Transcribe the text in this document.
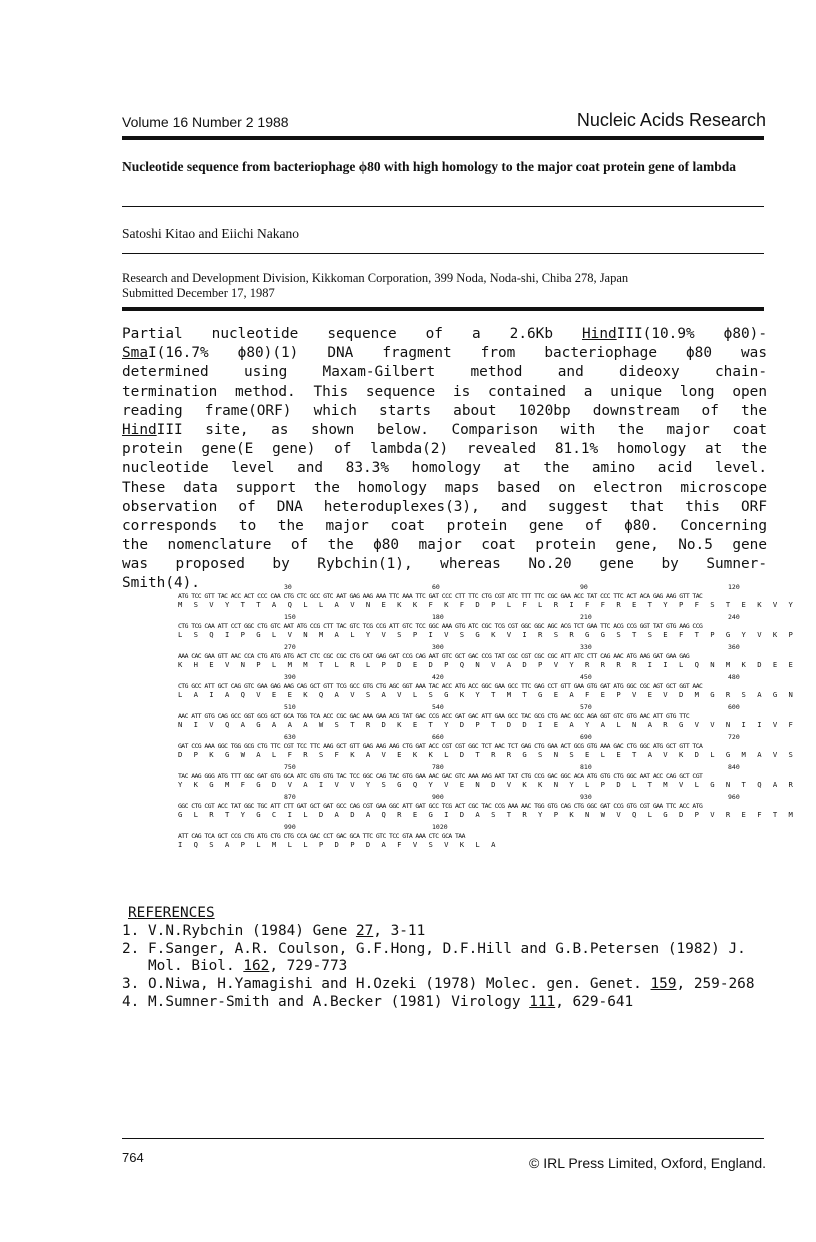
Volume 16 Number 2 1988	Nucleic Acids Research
Nucleotide sequence from bacteriophage ϕ80 with high homology to the major coat protein gene of lambda
Satoshi Kitao and Eiichi Nakano
Research and Development Division, Kikkoman Corporation, 399 Noda, Noda-shi, Chiba 278, Japan
Submitted December 17, 1987
Partial nucleotide sequence of a 2.6Kb HindIII(10.9% ϕ80)-
SmaI(16.7% ϕ80)(1) DNA fragment from bacteriophage ϕ80 was
determined using Maxam-Gilbert method and dideoxy chain-
termination method. This sequence is contained a unique long open
reading frame(ORF) which starts about 1020bp downstream of the
HindIII site, as shown below. Comparison with the major coat
protein gene(E gene) of lambda(2) revealed 81.1% homology at the
nucleotide level and 83.3% homology at the amino acid level.
These data support the homology maps based on electron microscope
observation of DNA heteroduplexes(3), and suggest that this ORF
corresponds to the major coat protein gene of ϕ80. Concerning
the nomenclature of the ϕ80 major coat protein gene, No.5 gene
was proposed by Rybchin(1), whereas No.20 gene by Sumner-
Smith(4).	30	60	90	120
ATG TCC GTT TAC ACC ACT CCC CAA CTG CTC GCC GTC AAT GAG AAG AAA TTC AAA TTC GAT CCC CTT TTC CTG CGT ATC TTT TTC CGC GAA ACC TAT CCC TTC ACT ACA GAG AAG GTT TAC
M S V Y T T A Q L L A V N E K K F K F D P L F L R I F F R E T Y P F S T E K V Y
150	180	210	240
CTG TCG CAA ATT CCT GGC CTG GTC AAT ATG CCG CTT TAC GTC TCG CCG ATT GTC TCC GGC AAA GTG ATC CGC TCG CGT GGC GGC AGC ACG TCT GAA TTC ACG CCG GGT TAT GTG AAG CCG
L S Q I P G L V N M A L Y V S P I V S G K V I R S R G G S T S E F T P G Y V K P
270	300	330	360
AAA CAC GAA GTT AAC CCA CTG ATG ATG ACT CTC CGC CGC CTG CAT GAG GAT CCG CAG AAT GTC GCT GAC CCG TAT CGC CGT CGC CGC ATT ATC CTT CAG AAC ATG AAG GAT GAA GAG
K H E V N P L M M T L R L P D E D P Q N V A D P V Y R R R R I I L Q N M K D E E
390	420	450	480
CTG GCC ATT GCT CAG GTC GAA GAG AAG CAG GCT GTT TCG GCC GTG CTG AGC GGT AAA TAC ACC ATG ACC GGC GAA GCC TTC GAG CCT GTT GAA GTG GAT ATG GGC CGC AGT GCT GGT AAC
L A I A Q V E E K Q A V S A V L S G K Y T M T G E A F E P V E V D M G R S A G N
510	540	570	600
AAC ATT GTG CAG GCC GGT GCG GCT GCA TGG TCA ACC CGC GAC AAA GAA ACG TAT GAC CCG ACC GAT GAC ATT GAA GCC TAC GCG CTG AAC GCC AGA GGT GTC GTG AAC ATT GTG TTC
N I V Q A G A A A W S T R D K E T Y D P T D D I E A Y A L N A R G V V N I I V F
630	660	690	720
GAT CCG AAA GGC TGG GCG CTG TTC CGT TCC TTC AAG GCT GTT GAG AAG AAG CTG GAT ACC CGT CGT GGC TCT AAC TCT GAG CTG GAA ACT GCG GTG AAA GAC CTG GGC ATG GCT GTT TCA
D P K G W A L F R S F K A V E K K L D T R R G S N S E L E T A V K D L G M A V S
750	780	810	840
TAC AAG GGG ATG TTT GGC GAT GTG GCA ATC GTG GTG TAC TCC GGC CAG TAC GTG GAA AAC GAC GTC AAA AAG AAT TAT CTG CCG GAC GGC ACA ATG GTG CTG GGC AAT ACC CAG GCT CGT
Y K G M F G D V A I V V Y S G Q Y V E N D V K K N Y L P D L T M V L G N T Q A R
870	900	930	960
GGC CTG CGT ACC TAT GGC TGC ATT CTT GAT GCT GAT GCC CAG CGT GAA GGC ATT GAT GCC TCG ACT CGC TAC CCG AAA AAC TGG GTG CAG CTG GGC GAT CCG GTG CGT GAA TTC ACC ATG
G L R T Y G C I L D A D A Q R E G I D A S T R Y P K N W V Q L G D P V R E F T M
990	1020
ATT CAG TCA GCT CCG CTG ATG CTG CTG CCA GAC CCT GAC GCA TTC GTC TCC GTA AAA CTC GCA TAA
I Q S A P L M L L P D P D A F V S V K L A
REFERENCES
1. V.N.Rybchin (1984) Gene 27, 3-11
2. F.Sanger, A.R. Coulson, G.F.Hong, D.F.Hill and G.B.Petersen (1982) J. Mol. Biol. 162, 729-773
3. O.Niwa, H.Yamagishi and H.Ozeki (1978) Molec. gen. Genet. 159, 259-268
4. M.Sumner-Smith and A.Becker (1981) Virology 111, 629-641
764	© IRL Press Limited, Oxford, England.
